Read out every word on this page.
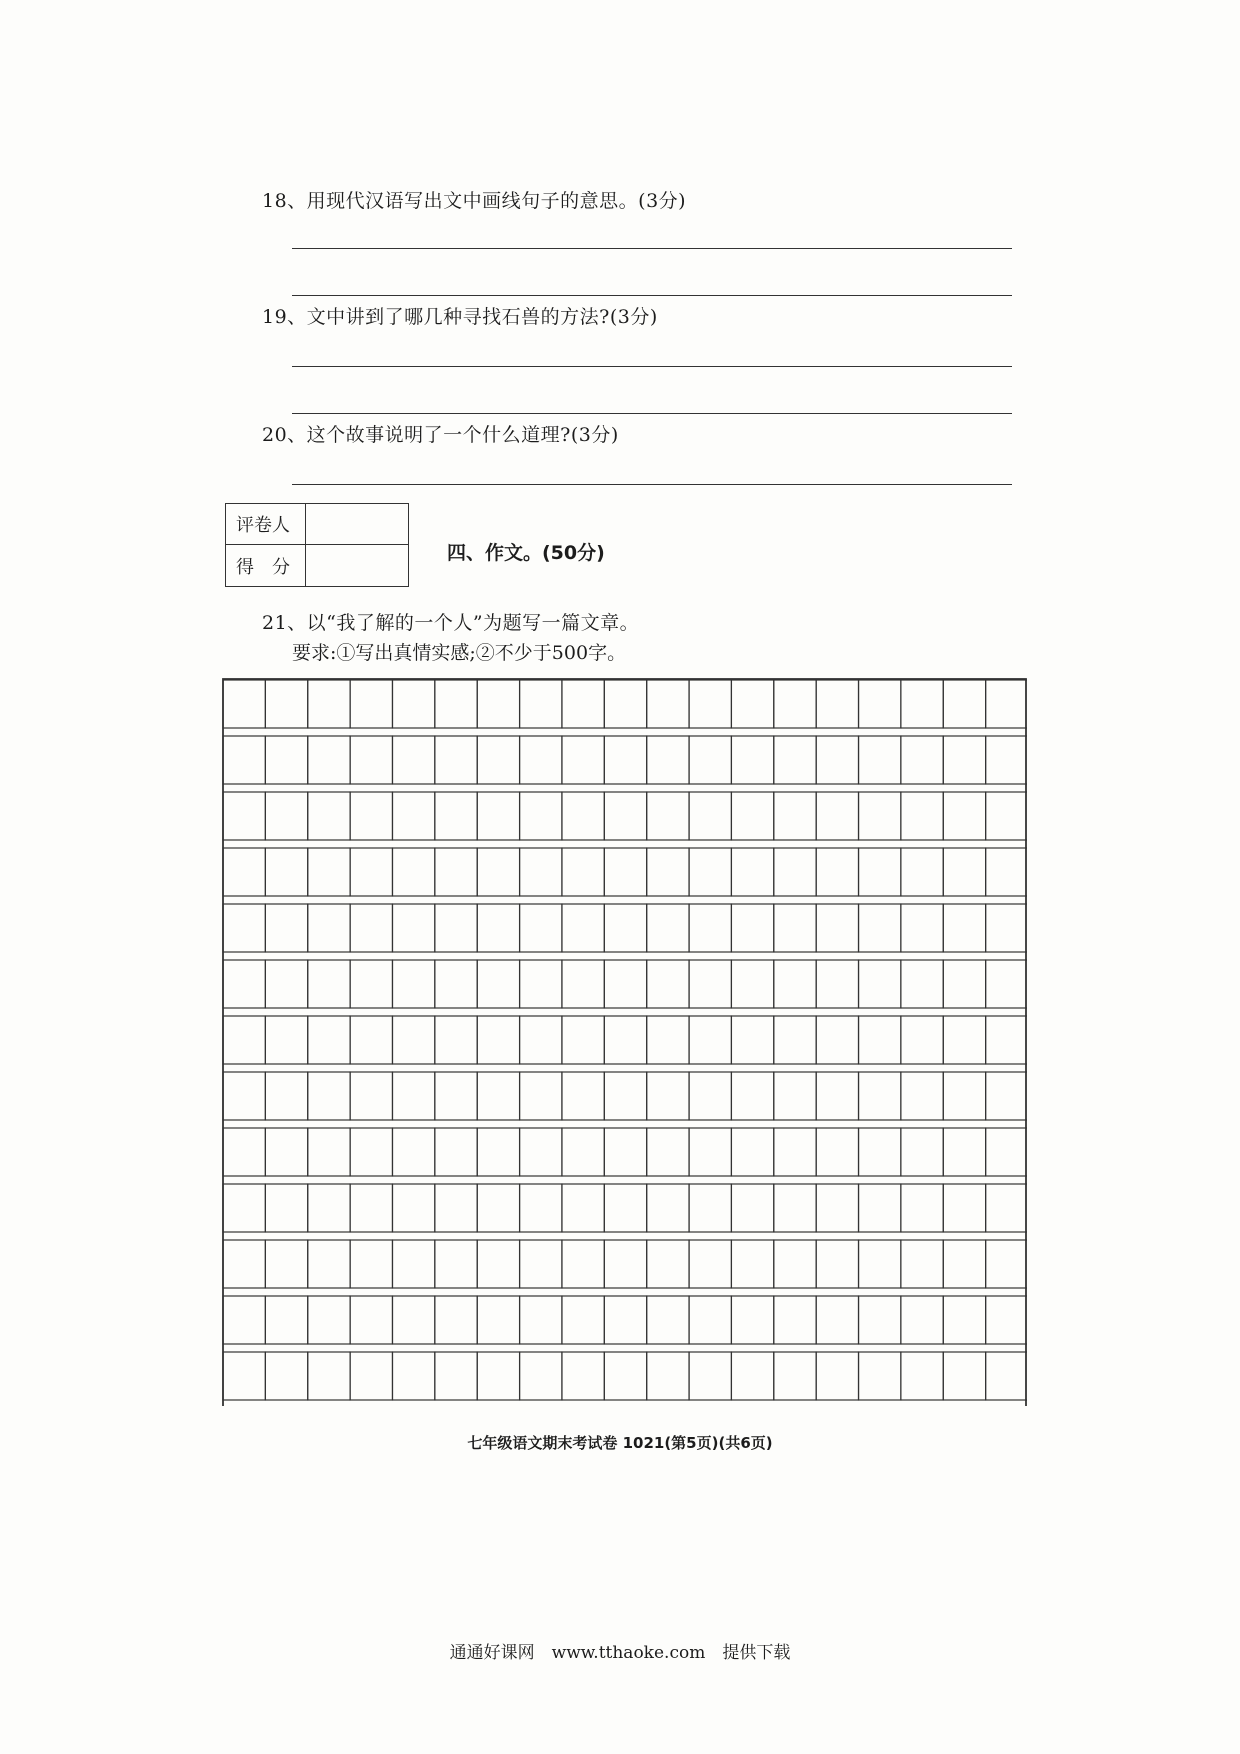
18、用现代汉语写出文中画线句子的意思。(3分)
19、文中讲到了哪几种寻找石兽的方法?(3分)
20、这个故事说明了一个什么道理?(3分)
评卷人
得　分
四、作文。(50分)
21、以“我了解的一个人”为题写一篇文章。
要求:①写出真情实感;②不少于500字。
七年级语文期末考试卷 1021(第5页)(共6页)
通通好课网　www.tthaoke.com　提供下载
